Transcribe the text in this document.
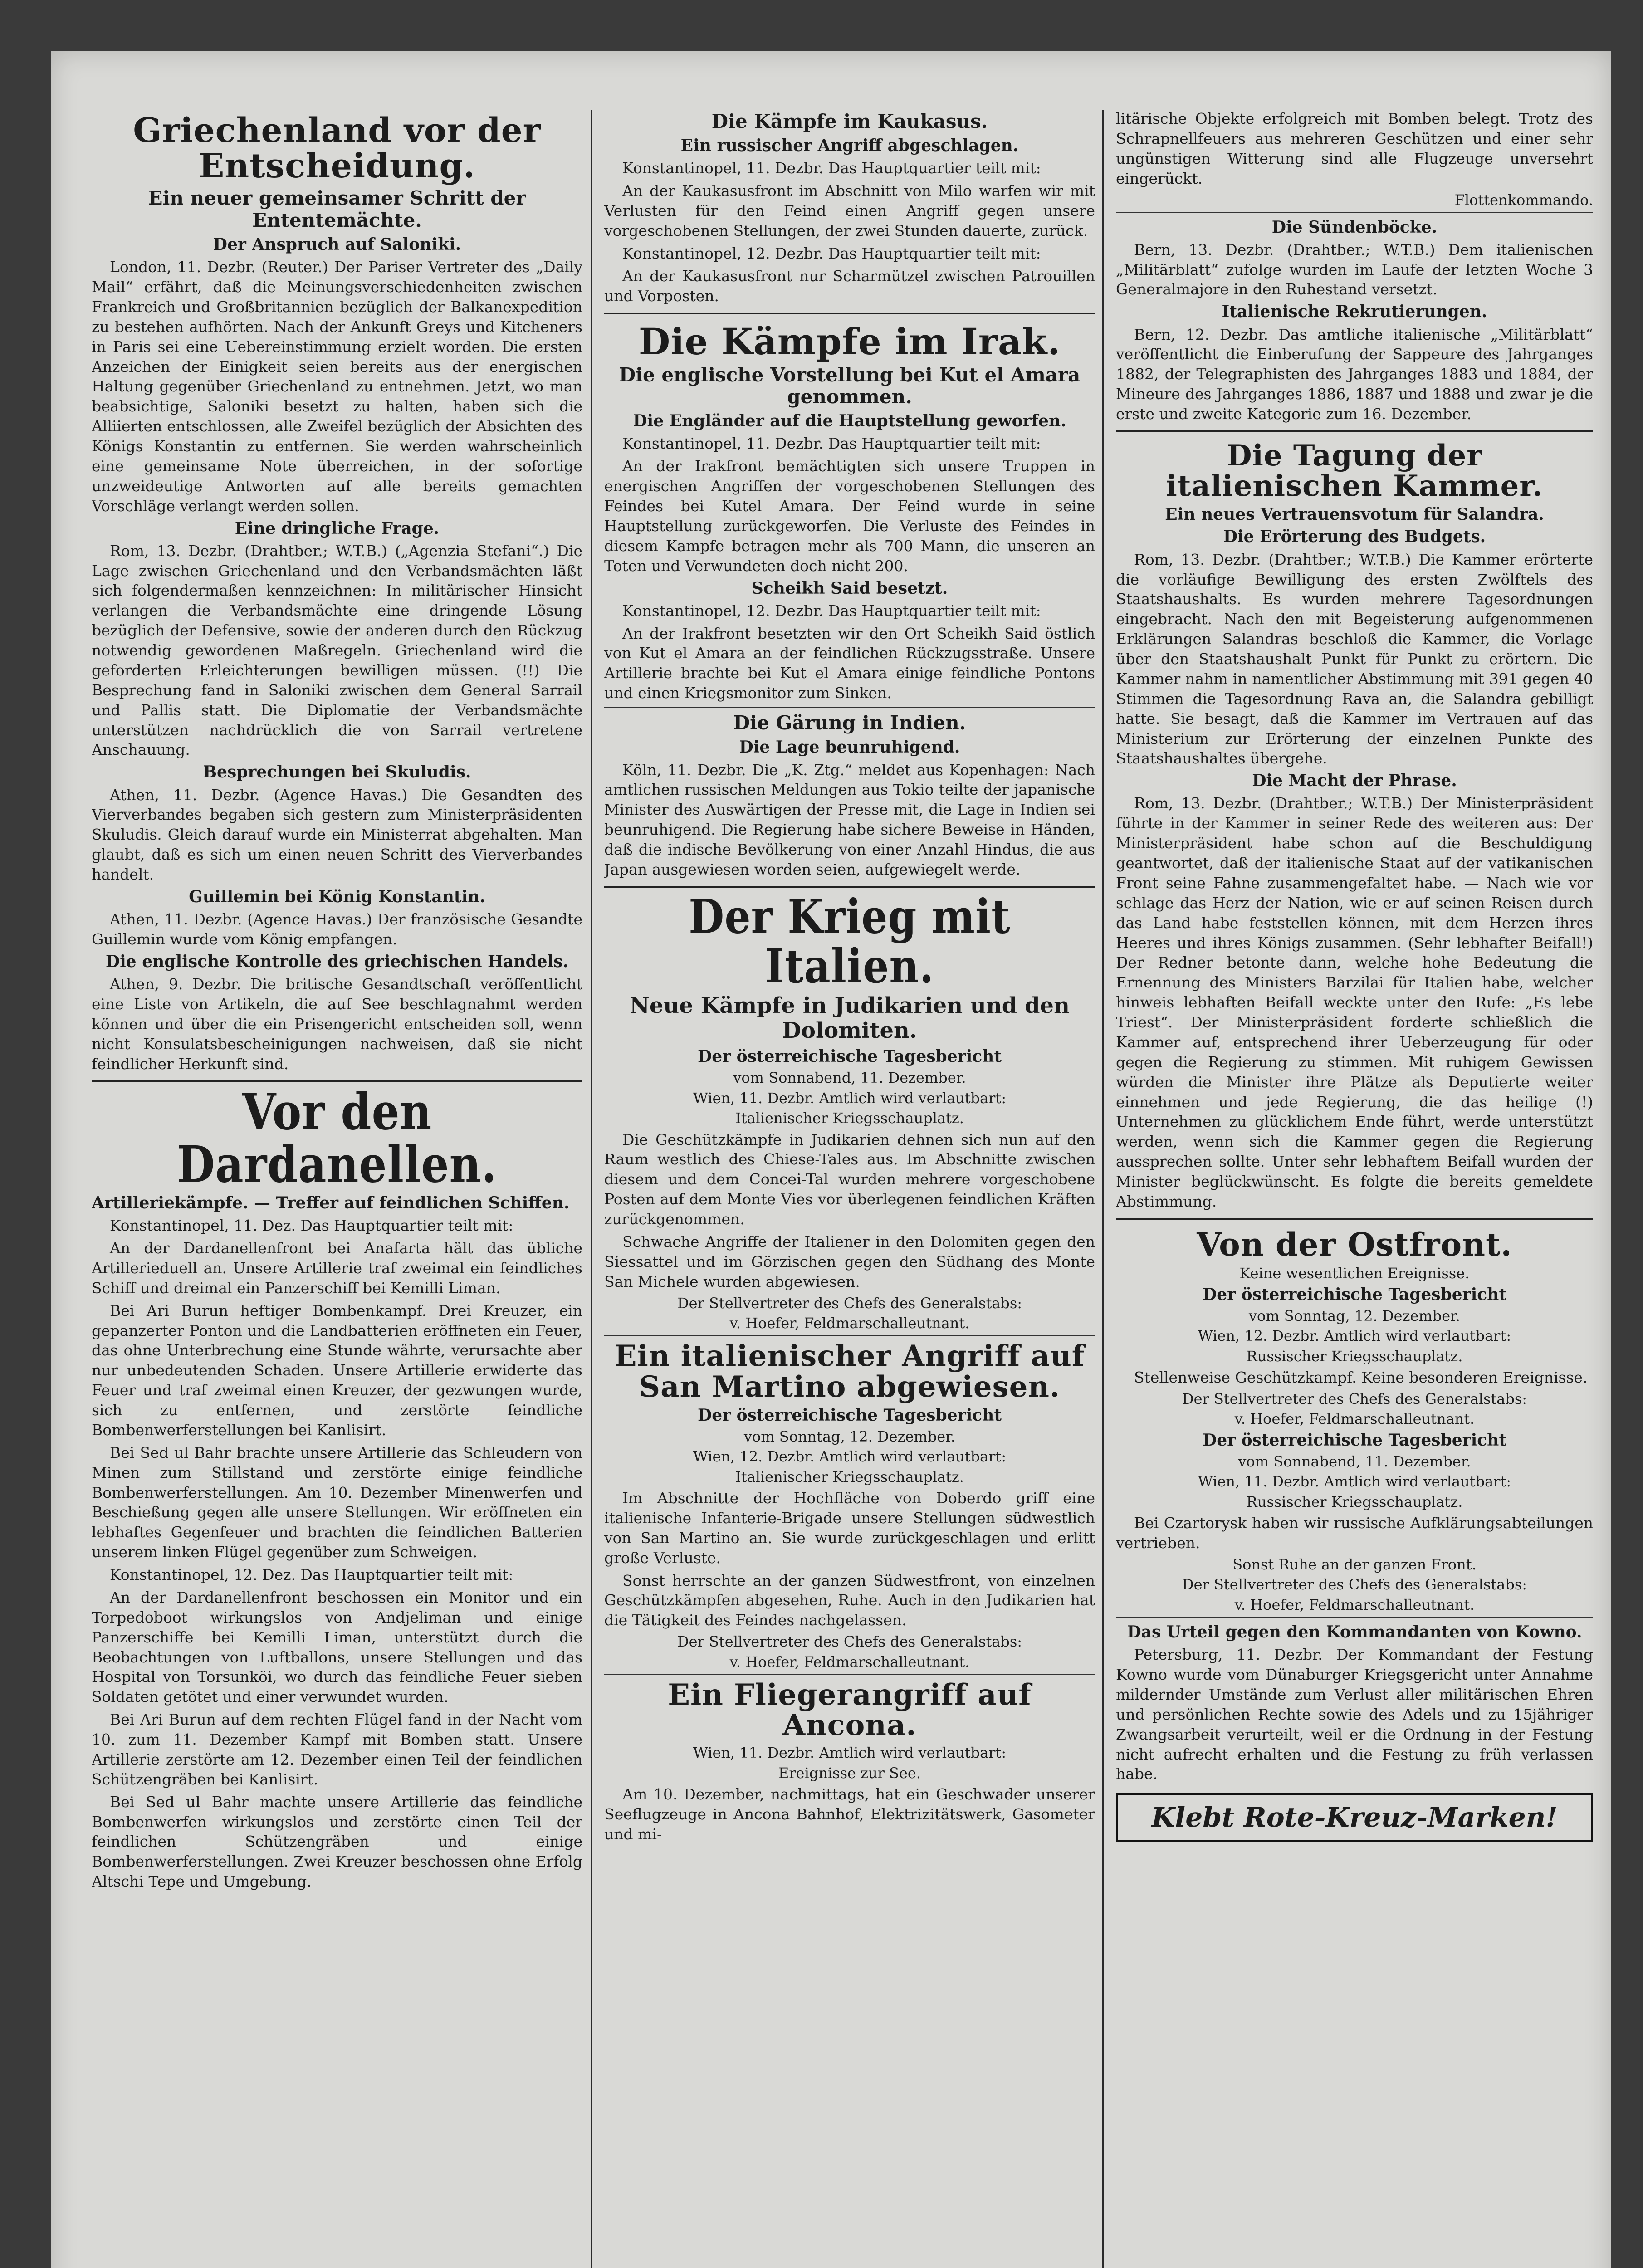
Griechenland vor der Entscheidung.
Ein neuer gemeinsamer Schritt der Ententemächte.
Der Anspruch auf Saloniki.

London, 11. Dezbr. (Reuter.) Der Pariser Vertreter des „Daily Mail“ erfährt, daß die Meinungsverschiedenheiten zwischen Frankreich und Großbritannien bezüglich der Balkanexpedition zu bestehen aufhörten. Nach der Ankunft Greys und Kitcheners in Paris sei eine Uebereinstimmung erzielt worden. Die ersten Anzeichen der Einigkeit seien bereits aus der energischen Haltung gegenüber Griechenland zu entnehmen. Jetzt, wo man beabsichtige, Saloniki besetzt zu halten, haben sich die Alliierten entschlossen, alle Zweifel bezüglich der Absichten des Königs Konstantin zu entfernen. Sie werden wahrscheinlich eine gemeinsame Note überreichen, in der sofortige unzweideutige Antworten auf alle bereits gemachten Vorschläge verlangt werden sollen.

Eine dringliche Frage.

Rom, 13. Dezbr. (Drahtber.; W.T.B.) („Agenzia Stefani“.) Die Lage zwischen Griechenland und den Verbandsmächten läßt sich folgendermaßen kennzeichnen: In militärischer Hinsicht verlangen die Verbandsmächte eine dringende Lösung bezüglich der Defensive, sowie der anderen durch den Rückzug notwendig gewordenen Maßregeln. Griechenland wird die geforderten Erleichterungen bewilligen müssen. (!!) Die Besprechung fand in Saloniki zwischen dem General Sarrail und Pallis statt. Die Diplomatie der Verbandsmächte unterstützen nachdrücklich die von Sarrail vertretene Anschauung.

Besprechungen bei Skuludis.

Athen, 11. Dezbr. (Agence Havas.) Die Gesandten des Vierverbandes begaben sich gestern zum Ministerpräsidenten Skuludis. Gleich darauf wurde ein Ministerrat abgehalten. Man glaubt, daß es sich um einen neuen Schritt des Vierverbandes handelt.

Guillemin bei König Konstantin.

Athen, 11. Dezbr. (Agence Havas.) Der französische Gesandte Guillemin wurde vom König empfangen.

Die englische Kontrolle des griechischen Handels.

Athen, 9. Dezbr. Die britische Gesandtschaft veröffentlicht eine Liste von Artikeln, die auf See beschlagnahmt werden können und über die ein Prisengericht entscheiden soll, wenn nicht Konsulatsbescheinigungen nachweisen, daß sie nicht feindlicher Herkunft sind.

Vor den Dardanellen.
Artilleriekämpfe. — Treffer auf feindlichen Schiffen.

Konstantinopel, 11. Dez. Das Hauptquartier teilt mit:

An der Dardanellenfront bei Anafarta hält das übliche Artillerieduell an. Unsere Artillerie traf zweimal ein feindliches Schiff und dreimal ein Panzerschiff bei Kemilli Liman.

Bei Ari Burun heftiger Bombenkampf. Drei Kreuzer, ein gepanzerter Ponton und die Landbatterien eröffneten ein Feuer, das ohne Unterbrechung eine Stunde währte, verursachte aber nur unbedeutenden Schaden. Unsere Artillerie erwiderte das Feuer und traf zweimal einen Kreuzer, der gezwungen wurde, sich zu entfernen, und zerstörte feindliche Bombenwerferstellungen bei Kanlisirt.

Bei Sed ul Bahr brachte unsere Artillerie das Schleudern von Minen zum Stillstand und zerstörte einige feindliche Bombenwerferstellungen. Am 10. Dezember Minenwerfen und Beschießung gegen alle unsere Stellungen. Wir eröffneten ein lebhaftes Gegenfeuer und brachten die feindlichen Batterien unserem linken Flügel gegenüber zum Schweigen.

Konstantinopel, 12. Dez. Das Hauptquartier teilt mit:

An der Dardanellenfront beschossen ein Monitor und ein Torpedoboot wirkungslos von Andjeliman und einige Panzerschiffe bei Kemilli Liman, unterstützt durch die Beobachtungen von Luftballons, unsere Stellungen und das Hospital von Torsunköi, wo durch das feindliche Feuer sieben Soldaten getötet und einer verwundet wurden.

Bei Ari Burun auf dem rechten Flügel fand in der Nacht vom 10. zum 11. Dezember Kampf mit Bomben statt. Unsere Artillerie zerstörte am 12. Dezember einen Teil der feindlichen Schützengräben bei Kanlisirt.

Bei Sed ul Bahr machte unsere Artillerie das feindliche Bombenwerfen wirkungslos und zerstörte einen Teil der feindlichen Schützengräben und einige Bombenwerferstellungen. Zwei Kreuzer beschossen ohne Erfolg Altschi Tepe und Umgebung.

Die Kämpfe im Kaukasus.
Ein russischer Angriff abgeschlagen.

Konstantinopel, 11. Dezbr. Das Hauptquartier teilt mit:

An der Kaukasusfront im Abschnitt von Milo warfen wir mit Verlusten für den Feind einen Angriff gegen unsere vorgeschobenen Stellungen, der zwei Stunden dauerte, zurück.

Konstantinopel, 12. Dezbr. Das Hauptquartier teilt mit:

An der Kaukasusfront nur Scharmützel zwischen Patrouillen und Vorposten.

Die Kämpfe im Irak.
Die englische Vorstellung bei Kut el Amara genommen.
Die Engländer auf die Hauptstellung geworfen.

Konstantinopel, 11. Dezbr. Das Hauptquartier teilt mit:

An der Irakfront bemächtigten sich unsere Truppen in energischen Angriffen der vorgeschobenen Stellungen des Feindes bei Kutel Amara. Der Feind wurde in seine Hauptstellung zurückgeworfen. Die Verluste des Feindes in diesem Kampfe betragen mehr als 700 Mann, die unseren an Toten und Verwundeten doch nicht 200.

Scheikh Said besetzt.

Konstantinopel, 12. Dezbr. Das Hauptquartier teilt mit:

An der Irakfront besetzten wir den Ort Scheikh Said östlich von Kut el Amara an der feindlichen Rückzugsstraße. Unsere Artillerie brachte bei Kut el Amara einige feindliche Pontons und einen Kriegsmonitor zum Sinken.

Die Gärung in Indien.
Die Lage beunruhigend.

Köln, 11. Dezbr. Die „K. Ztg.“ meldet aus Kopenhagen: Nach amtlichen russischen Meldungen aus Tokio teilte der japanische Minister des Auswärtigen der Presse mit, die Lage in Indien sei beunruhigend. Die Regierung habe sichere Beweise in Händen, daß die indische Bevölkerung von einer Anzahl Hindus, die aus Japan ausgewiesen worden seien, aufgewiegelt werde.

Der Krieg mit Italien.
Neue Kämpfe in Judikarien und den Dolomiten.
Der österreichische Tagesbericht
vom Sonnabend, 11. Dezember.
Wien, 11. Dezbr. Amtlich wird verlautbart:
Italienischer Kriegsschauplatz.

Die Geschützkämpfe in Judikarien dehnen sich nun auf den Raum westlich des Chiese-Tales aus. Im Abschnitte zwischen diesem und dem Concei-Tal wurden mehrere vorgeschobene Posten auf dem Monte Vies vor überlegenen feindlichen Kräften zurückgenommen.

Schwache Angriffe der Italiener in den Dolomiten gegen den Siessattel und im Görzischen gegen den Südhang des Monte San Michele wurden abgewiesen.

Der Stellvertreter des Chefs des Generalstabs:
v. Hoefer, Feldmarschalleutnant.
Ein italienischer Angriff auf San Martino abgewiesen.
Der österreichische Tagesbericht
vom Sonntag, 12. Dezember.
Wien, 12. Dezbr. Amtlich wird verlautbart:
Italienischer Kriegsschauplatz.

Im Abschnitte der Hochfläche von Doberdo griff eine italienische Infanterie-Brigade unsere Stellungen südwestlich von San Martino an. Sie wurde zurückgeschlagen und erlitt große Verluste.

Sonst herrschte an der ganzen Südwestfront, von einzelnen Geschützkämpfen abgesehen, Ruhe. Auch in den Judikarien hat die Tätigkeit des Feindes nachgelassen.

Der Stellvertreter des Chefs des Generalstabs:
v. Hoefer, Feldmarschalleutnant.
Ein Fliegerangriff auf Ancona.
Wien, 11. Dezbr. Amtlich wird verlautbart:
Ereignisse zur See.

Am 10. Dezember, nachmittags, hat ein Geschwader unserer Seeflugzeuge in Ancona Bahnhof, Elektrizitätswerk, Gasometer und mi-

litärische Objekte erfolgreich mit Bomben belegt. Trotz des Schrapnellfeuers aus mehreren Geschützen und einer sehr ungünstigen Witterung sind alle Flugzeuge unversehrt eingerückt.

Flottenkommando.
Die Sündenböcke.

Bern, 13. Dezbr. (Drahtber.; W.T.B.) Dem italienischen „Militärblatt“ zufolge wurden im Laufe der letzten Woche 3 Generalmajore in den Ruhestand versetzt.

Italienische Rekrutierungen.

Bern, 12. Dezbr. Das amtliche italienische „Militärblatt“ veröffentlicht die Einberufung der Sappeure des Jahrganges 1882, der Telegraphisten des Jahrganges 1883 und 1884, der Mineure des Jahrganges 1886, 1887 und 1888 und zwar je die erste und zweite Kategorie zum 16. Dezember.

Die Tagung der italienischen Kammer.
Ein neues Vertrauensvotum für Salandra.
Die Erörterung des Budgets.

Rom, 13. Dezbr. (Drahtber.; W.T.B.) Die Kammer erörterte die vorläufige Bewilligung des ersten Zwölftels des Staatshaushalts. Es wurden mehrere Tagesordnungen eingebracht. Nach den mit Begeisterung aufgenommenen Erklärungen Salandras beschloß die Kammer, die Vorlage über den Staatshaushalt Punkt für Punkt zu erörtern. Die Kammer nahm in namentlicher Abstimmung mit 391 gegen 40 Stimmen die Tagesordnung Rava an, die Salandra gebilligt hatte. Sie besagt, daß die Kammer im Vertrauen auf das Ministerium zur Erörterung der einzelnen Punkte des Staatshaushaltes übergehe.

Die Macht der Phrase.

Rom, 13. Dezbr. (Drahtber.; W.T.B.) Der Ministerpräsident führte in der Kammer in seiner Rede des weiteren aus: Der Ministerpräsident habe schon auf die Beschuldigung geantwortet, daß der italienische Staat auf der vatikanischen Front seine Fahne zusammengefaltet habe. — Nach wie vor schlage das Herz der Nation, wie er auf seinen Reisen durch das Land habe feststellen können, mit dem Herzen ihres Heeres und ihres Königs zusammen. (Sehr lebhafter Beifall!) Der Redner betonte dann, welche hohe Bedeutung die Ernennung des Ministers Barzilai für Italien habe, welcher hinweis lebhaften Beifall weckte unter den Rufe: „Es lebe Triest“. Der Ministerpräsident forderte schließlich die Kammer auf, entsprechend ihrer Ueberzeugung für oder gegen die Regierung zu stimmen. Mit ruhigem Gewissen würden die Minister ihre Plätze als Deputierte weiter einnehmen und jede Regierung, die das heilige (!) Unternehmen zu glücklichem Ende führt, werde unterstützt werden, wenn sich die Kammer gegen die Regierung aussprechen sollte. Unter sehr lebhaftem Beifall wurden der Minister beglückwünscht. Es folgte die bereits gemeldete Abstimmung.

Von der Ostfront.
Keine wesentlichen Ereignisse.
Der österreichische Tagesbericht
vom Sonntag, 12. Dezember.
Wien, 12. Dezbr. Amtlich wird verlautbart:
Russischer Kriegsschauplatz.

Stellenweise Geschützkampf. Keine besonderen Ereignisse.

Der Stellvertreter des Chefs des Generalstabs:
v. Hoefer, Feldmarschalleutnant.
Der österreichische Tagesbericht
vom Sonnabend, 11. Dezember.
Wien, 11. Dezbr. Amtlich wird verlautbart:
Russischer Kriegsschauplatz.

Bei Czartorysk haben wir russische Aufklärungsabteilungen vertrieben.

Sonst Ruhe an der ganzen Front.
Der Stellvertreter des Chefs des Generalstabs:
v. Hoefer, Feldmarschalleutnant.
Das Urteil gegen den Kommandanten von Kowno.

Petersburg, 11. Dezbr. Der Kommandant der Festung Kowno wurde vom Dünaburger Kriegsgericht unter Annahme mildernder Umstände zum Verlust aller militärischen Ehren und persönlichen Rechte sowie des Adels und zu 15jähriger Zwangsarbeit verurteilt, weil er die Ordnung in der Festung nicht aufrecht erhalten und die Festung zu früh verlassen habe.

Klebt Rote-Kreuz-Marken!
